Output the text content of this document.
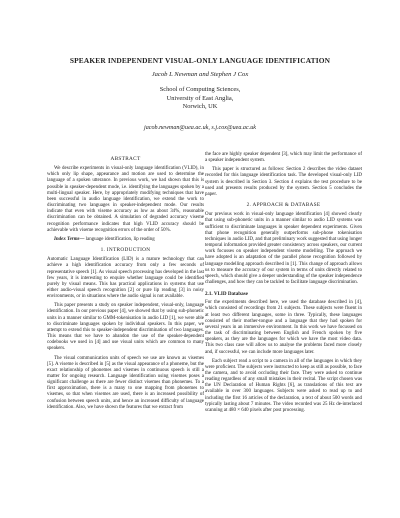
SPEAKER INDEPENDENT VISUAL-ONLY LANGUAGE IDENTIFICATION
Jacob L Newman and Stephen J Cox
School of Computing Sciences,
University of East Anglia,
Norwich, UK
jacob.newman@uea.ac.uk, s.j.cox@uea.ac.uk
ABSTRACT

We describe experiments in visual-only language identification (VLID), in which only lip shape, appearance and motion are used to determine the language of a spoken utterance. In previous work, we had shown that this is possible in speaker-dependent mode, i.e. identifying the languages spoken by a multi-lingual speaker. Here, by appropriately modifying techniques that have been successful in audio language identification, we extend the work to discriminating two languages in speaker-independent mode. Our results indicate that even with viseme accuracy as low as about 34%, reasonable discrimination can be obtained. A simulation of degraded accuracy viseme recognition performance indicates that high VLID accuracy should be achievable with viseme recognition errors of the order of 50%.

Index Terms— language identification, lip reading

1. INTRODUCTION

Automatic Language Identification (LID) is a mature technology that can achieve a high identification accuracy from only a few seconds of representative speech [1]. As visual speech processing has developed in the last few years, it is interesting to enquire whether language could be identified purely by visual means. This has practical applications in systems that use either audio-visual speech recognition [2] or pure lip reading [3] in noisy environments, or in situations where the audio signal is not available.

This paper presents a study on speaker independent, visual-only, language identification. In our previous paper [4], we showed that by using sub-phonetic units in a manner similar to GMM-tokenisation in audio LID [1], we were able to discriminate languages spoken by individual speakers. In this paper, we attempt to extend this to speaker-independent discrimination of two languages. This means that we have to abandon the use of the speaker-dependent codebooks we used in [4] and use visual units which are common to many speakers.

The visual communication units of speech we use are known as visemes [5]. A viseme is described in [5] as the visual appearance of a phoneme, but the exact relationship of phonemes and visemes in continuous speech is still a matter for ongoing research. Language identification using visemes poses a significant challenge as there are fewer distinct visemes than phonemes. To a first approximation, there is a many to one mapping from phonemes to visemes, so that when visemes are used, there is an increased possibility of confusion between speech units, and hence an increased difficulty of language identification. Also, we have shown the features that we extract from

the face are highly speaker dependent [3], which may limit the performance of a speaker independent system.

This paper is structured as follows: Section 2 describes the video dataset recorded for this language identification task. The developed visual-only LID system is described in Section 3. Section 4 explains the test procedure to be used and presents results produced by the system. Section 5 concludes the paper.

2. APPROACH & DATABASE

Our previous work in visual-only language identification [4] showed clearly that using sub-phonetic units in a manner similar to audio LID systems was sufficient to discriminate languages in speaker dependent experiments. Given that phone recognition generally outperforms sub-phone tokenisation techniques in audio LID, and that preliminary work suggested that using longer temporal information provided greater consistency across speakers, our current work focusses on speaker independent viseme modelling. The approach we have adopted is an adaptation of the parallel phone recognition followed by language modelling approach described in [1]. This change of approach allows us to measure the accuracy of our system in terms of units directly related to speech, which should give a deeper understanding of the speaker independence challenges, and how they can be tackled to facilitate language discrimination.

2.1. VLID Database

For the experiments described here, we used the database described in [4], which consisted of recordings from 21 subjects. These subjects were fluent in at least two different languages, some in three. Typically, these languages consisted of their mother-tongue and a language that they had spoken for several years in an immersive environment. In this work we have focussed on the task of discriminating between English and French spoken by five speakers, as they are the languages for which we have the most video data. This two class case will allow us to analyse the problems faced more closely and, if successful, we can include more languages later.

Each subject read a script to a camera in all of the languages in which they were proficient. The subjects were instructed to keep as still as possible, to face the camera, and to avoid occluding their face. They were asked to continue reading regardless of any small mistakes in their recital. The script chosen was the UN Declaration of Human Rights [6], as translations of this text are available in over 300 languages. Subjects were asked to read up to and including the first 16 articles of the declaration, a text of about 500 words and typically lasting about 7 minutes. The video recorded was 25 Hz de-interlaced scanning at 480 × 640 pixels after post processing.
